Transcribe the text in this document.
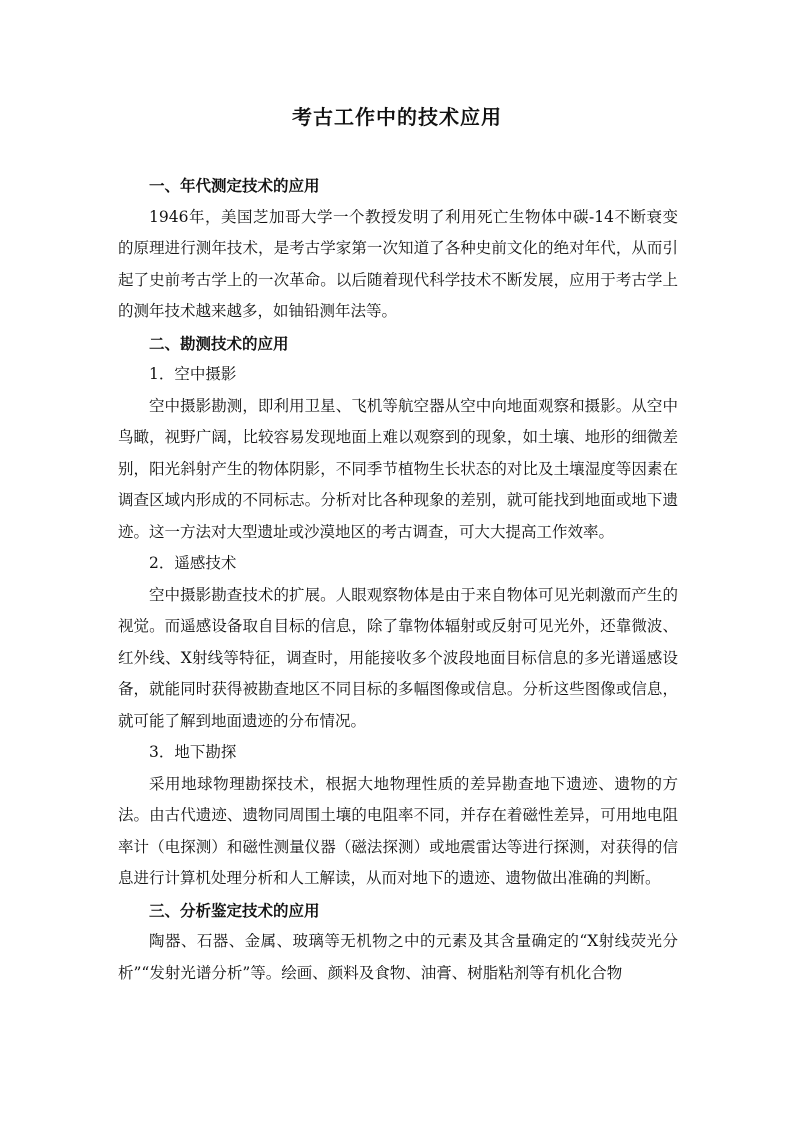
考古工作中的技术应用

一、年代测定技术的应用

1946年，美国芝加哥大学一个教授发明了利用死亡生物体中碳-14不断衰变的原理进行测年技术，是考古学家第一次知道了各种史前文化的绝对年代，从而引起了史前考古学上的一次革命。以后随着现代科学技术不断发展，应用于考古学上的测年技术越来越多，如铀铅测年法等。

二、勘测技术的应用

1．空中摄影

空中摄影勘测，即利用卫星、飞机等航空器从空中向地面观察和摄影。从空中鸟瞰，视野广阔，比较容易发现地面上难以观察到的现象，如土壤、地形的细微差别，阳光斜射产生的物体阴影，不同季节植物生长状态的对比及土壤湿度等因素在调查区域内形成的不同标志。分析对比各种现象的差别，就可能找到地面或地下遗迹。这一方法对大型遗址或沙漠地区的考古调查，可大大提高工作效率。

2．遥感技术

空中摄影勘查技术的扩展。人眼观察物体是由于来自物体可见光刺激而产生的视觉。而遥感设备取自目标的信息，除了靠物体辐射或反射可见光外，还靠微波、红外线、X射线等特征，调查时，用能接收多个波段地面目标信息的多光谱遥感设备，就能同时获得被勘查地区不同目标的多幅图像或信息。分析这些图像或信息，就可能了解到地面遗迹的分布情况。

3．地下勘探

采用地球物理勘探技术，根据大地物理性质的差异勘查地下遗迹、遗物的方法。由古代遗迹、遗物同周围土壤的电阻率不同，并存在着磁性差异，可用地电阻率计（电探测）和磁性测量仪器（磁法探测）或地震雷达等进行探测，对获得的信息进行计算机处理分析和人工解读，从而对地下的遗迹、遗物做出准确的判断。

三、分析鉴定技术的应用

陶器、石器、金属、玻璃等无机物之中的元素及其含量确定的“X射线荧光分析”“发射光谱分析”等。绘画、颜料及食物、油膏、树脂粘剂等有机化合物
